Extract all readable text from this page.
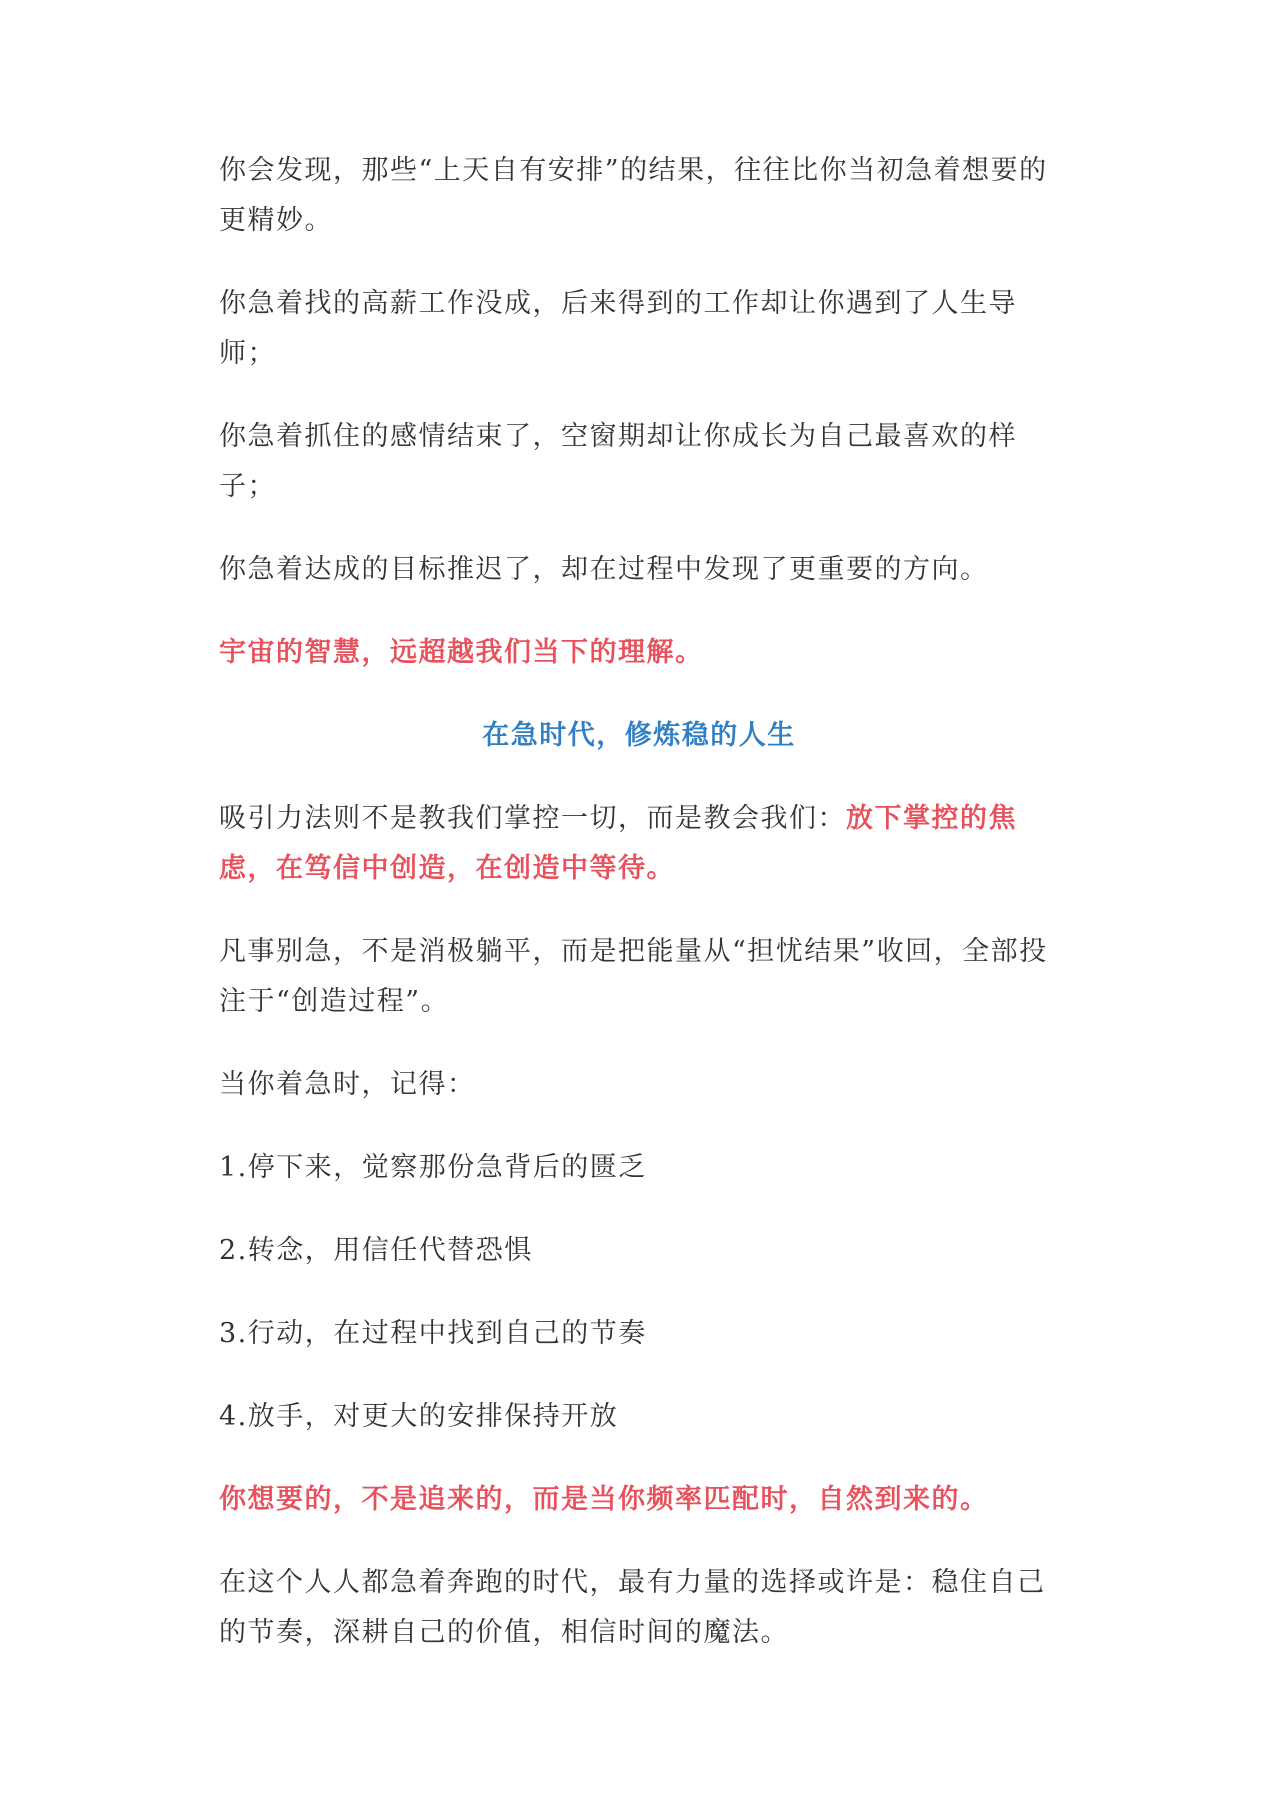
你会发现，那些“上天自有安排”的结果，往往比你当初急着想要的更精妙。

你急着找的高薪工作没成，后来得到的工作却让你遇到了人生导师；

你急着抓住的感情结束了，空窗期却让你成长为自己最喜欢的样子；

你急着达成的目标推迟了，却在过程中发现了更重要的方向。

宇宙的智慧，远超越我们当下的理解。

在急时代，修炼稳的人生

吸引力法则不是教我们掌控一切，而是教会我们：放下掌控的焦虑，在笃信中创造，在创造中等待。

凡事别急，不是消极躺平，而是把能量从“担忧结果”收回，全部投注于“创造过程”。

当你着急时，记得：

1.停下来，觉察那份急背后的匮乏

2.转念，用信任代替恐惧

3.行动，在过程中找到自己的节奏

4.放手，对更大的安排保持开放

你想要的，不是追来的，而是当你频率匹配时，自然到来的。

在这个人人都急着奔跑的时代，最有力量的选择或许是：稳住自己的节奏，深耕自己的价值，相信时间的魔法。
